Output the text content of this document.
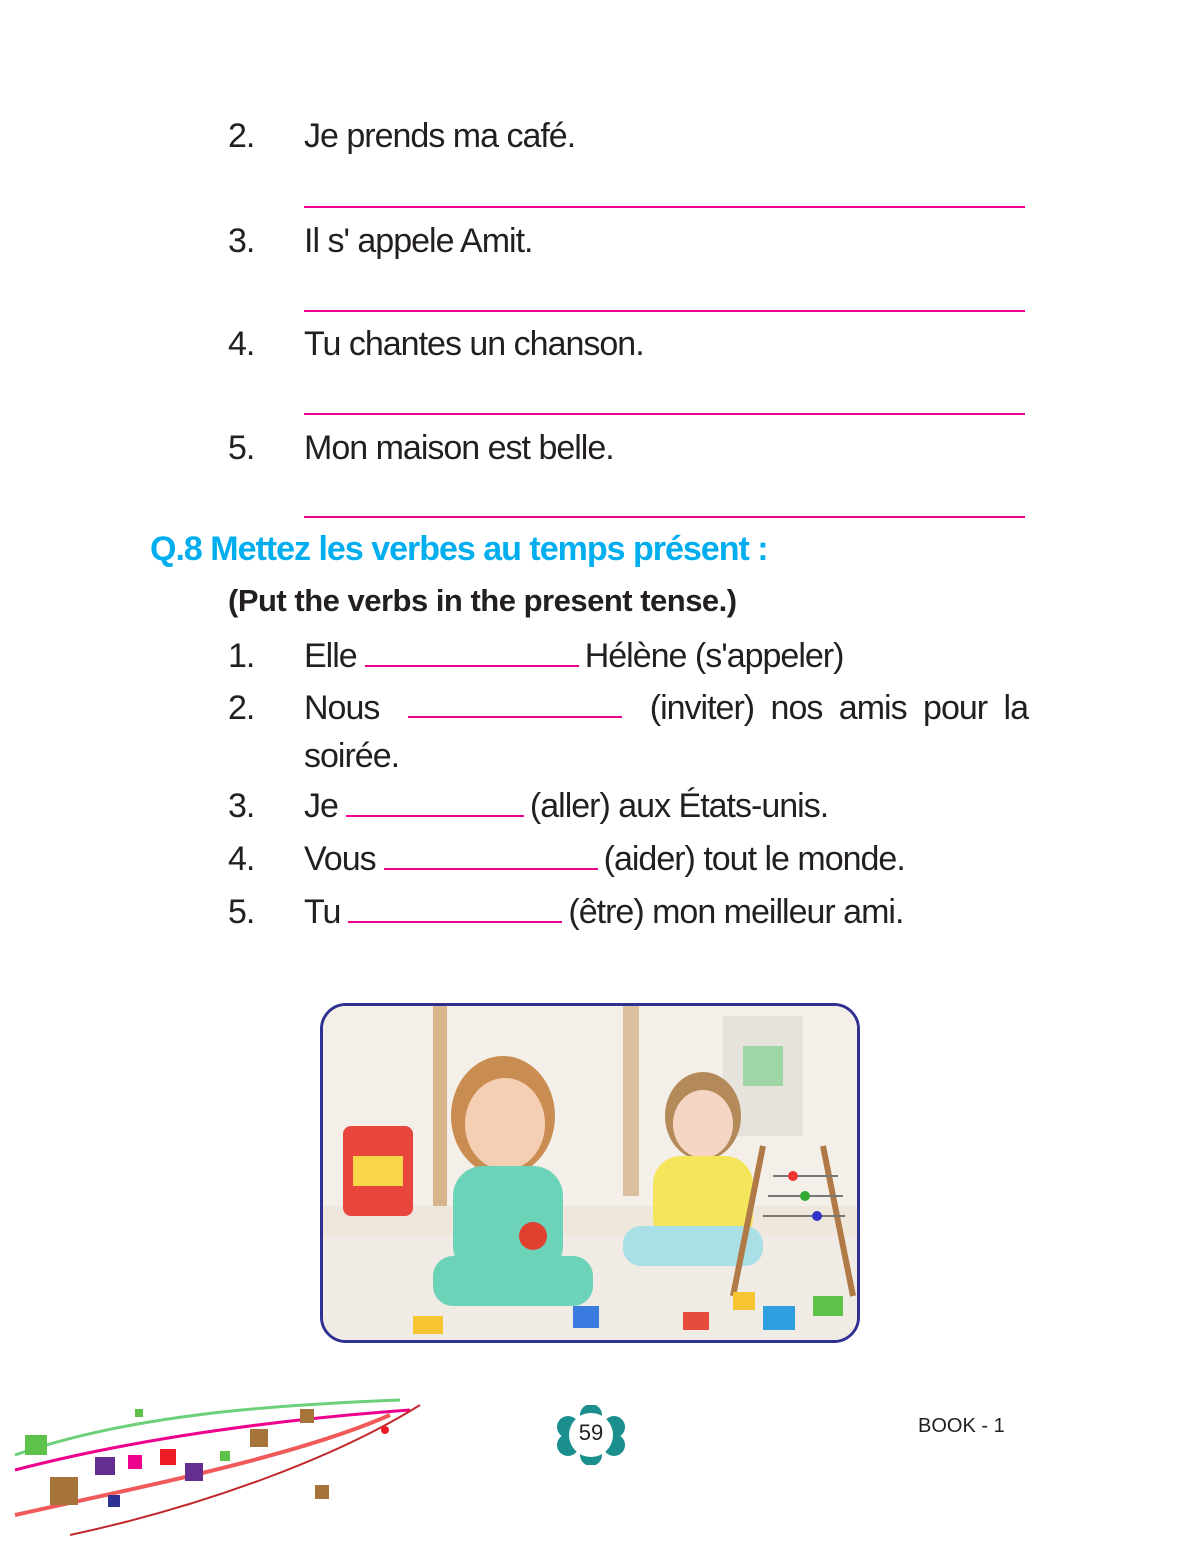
2. Je prends ma café.
3. Il s' appele Amit.
4. Tu chantes un chanson.
5. Mon maison est belle.
Q.8 Mettez les verbes au temps présent :
(Put the verbs in the present tense.)
1. Elle	Hélène (s'appeler)
2. Nous	(inviter) nos amis pour la
soirée.
3. Je	(aller) aux États-unis.
4. Vous	(aider) tout le monde.
5. Tu	(être) mon meilleur ami.
59	BOOK - 1
